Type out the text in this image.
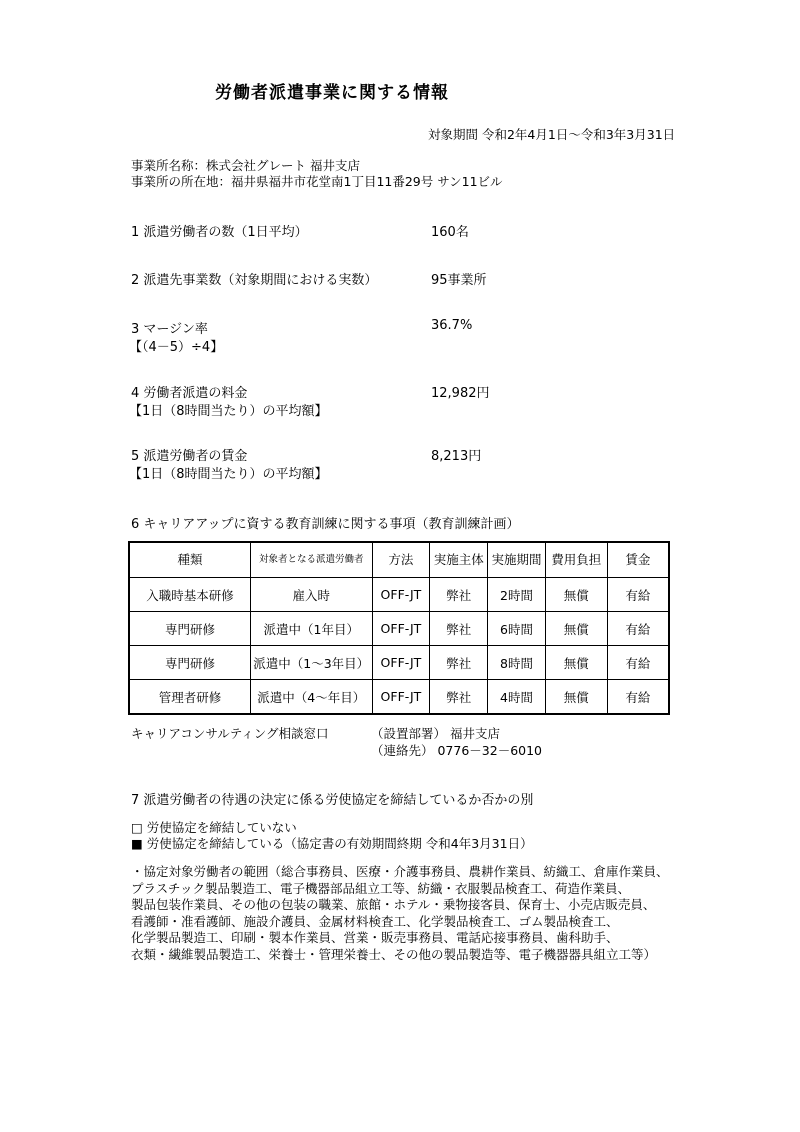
労働者派遣事業に関する情報
対象期間 令和2年4月1日～令和3年3月31日
事業所名称：株式会社グレート 福井支店
事業所の所在地：福井県福井市花堂南1丁目11番29号 サン11ビル
1 派遣労働者の数（1日平均）	160名
2 派遣先事業数（対象期間における実数）	95事業所
3 マージン率
【（4－5）÷4】
36.7%
4 労働者派遣の料金
【1日（8時間当たり）の平均額】
12,982円
5 派遣労働者の賃金
【1日（8時間当たり）の平均額】
8,213円
6 キャリアアップに資する教育訓練に関する事項（教育訓練計画）
種類	対象者となる派遣労働者	方法	実施主体	実施期間	費用負担	賃金
入職時基本研修	雇入時	OFF-JT	弊社	2時間	無償	有給
専門研修	派遣中（1年目）	OFF-JT	弊社	6時間	無償	有給
専門研修	派遣中（1～3年目）	OFF-JT	弊社	8時間	無償	有給
管理者研修	派遣中（4～年目）	OFF-JT	弊社	4時間	無償	有給
キャリアコンサルティング相談窓口	（設置部署） 福井支店
（連絡先） 0776－32－6010
7 派遣労働者の待遇の決定に係る労使協定を締結しているか否かの別
□ 労使協定を締結していない
■ 労使協定を締結している（協定書の有効期間終期 令和4年3月31日）
・協定対象労働者の範囲（総合事務員、医療・介護事務員、農耕作業員、紡織工、倉庫作業員、
プラスチック製品製造工、電子機器部品組立工等、紡織・衣服製品検査工、荷造作業員、
製品包装作業員、その他の包装の職業、旅館・ホテル・乗物接客員、保育士、小売店販売員、
看護師・准看護師、施設介護員、金属材料検査工、化学製品検査工、ゴム製品検査工、
化学製品製造工、印刷・製本作業員、営業・販売事務員、電話応接事務員、歯科助手、
衣類・繊維製品製造工、栄養士・管理栄養士、その他の製品製造等、電子機器器具組立工等）
